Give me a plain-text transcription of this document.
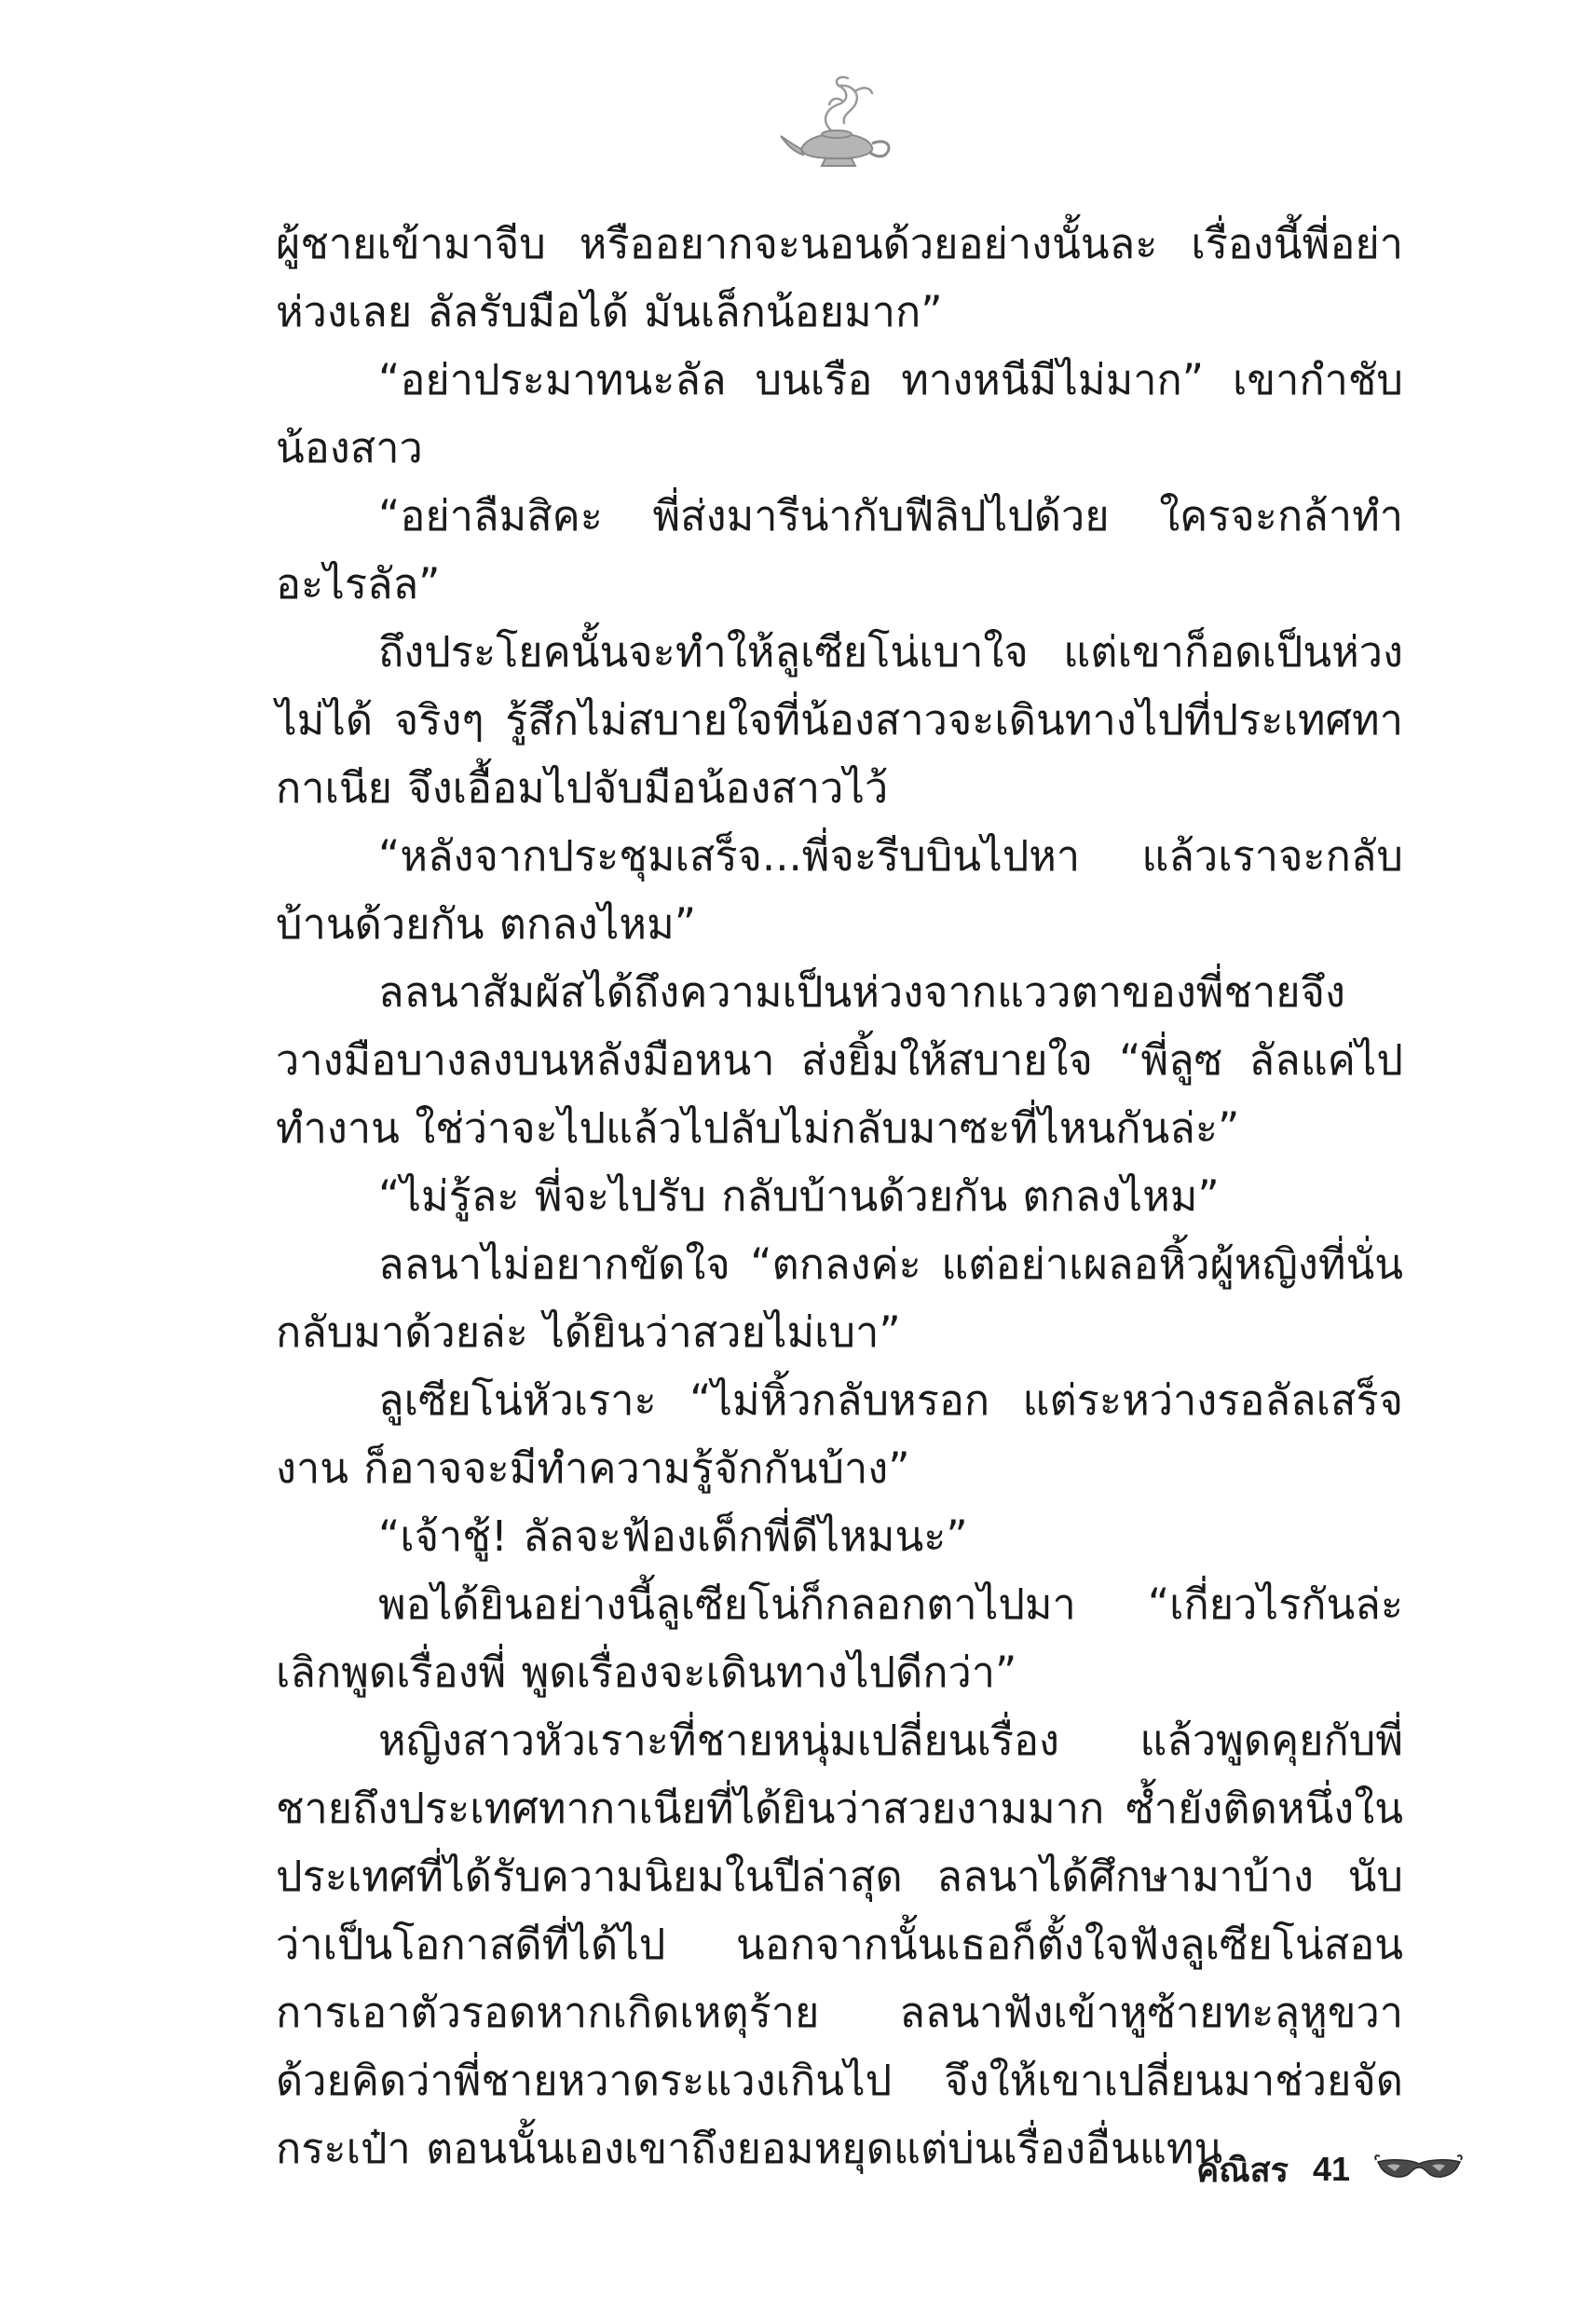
ผู้ชายเข้ามาจีบ หรืออยากจะนอนด้วยอย่างนั้นละ เรื่องนี้พี่อย่าห่วงเลย ลัลรับมือได้ มันเล็กน้อยมาก”

“อย่าประมาทนะลัล บนเรือ ทางหนีมีไม่มาก” เขากำชับน้องสาว

“อย่าลืมสิคะ พี่ส่งมารีน่ากับฟีลิปไปด้วย ใครจะกล้าทำอะไรลัล”

ถึงประโยคนั้นจะทำให้ลูเซียโน่เบาใจ แต่เขาก็อดเป็นห่วงไม่ได้ จริงๆ รู้สึกไม่สบายใจที่น้องสาวจะเดินทางไปที่ประเทศทากาเนีย จึงเอื้อมไปจับมือน้องสาวไว้

“หลังจากประชุมเสร็จ...พี่จะรีบบินไปหา แล้วเราจะกลับบ้านด้วยกัน ตกลงไหม”

ลลนาสัมผัสได้ถึงความเป็นห่วงจากแววตาของพี่ชายจึงวางมือบางลงบนหลังมือหนา ส่งยิ้มให้สบายใจ “พี่ลูซ ลัลแค่ไปทำงาน ใช่ว่าจะไปแล้วไปลับไม่กลับมาซะที่ไหนกันล่ะ”

“ไม่รู้ละ พี่จะไปรับ กลับบ้านด้วยกัน ตกลงไหม”

ลลนาไม่อยากขัดใจ “ตกลงค่ะ แต่อย่าเผลอหิ้วผู้หญิงที่นั่นกลับมาด้วยล่ะ ได้ยินว่าสวยไม่เบา”

ลูเซียโน่หัวเราะ “ไม่หิ้วกลับหรอก แต่ระหว่างรอลัลเสร็จงาน ก็อาจจะมีทำความรู้จักกันบ้าง”

“เจ้าชู้! ลัลจะฟ้องเด็กพี่ดีไหมนะ”

พอได้ยินอย่างนี้ลูเซียโน่ก็กลอกตาไปมา “เกี่ยวไรกันล่ะ เลิกพูดเรื่องพี่ พูดเรื่องจะเดินทางไปดีกว่า”

หญิงสาวหัวเราะที่ชายหนุ่มเปลี่ยนเรื่อง แล้วพูดคุยกับพี่ชายถึงประเทศทากาเนียที่ได้ยินว่าสวยงามมาก ซ้ำยังติดหนึ่งในประเทศที่ได้รับความนิยมในปีล่าสุด ลลนาได้ศึกษามาบ้าง นับว่าเป็นโอกาสดีที่ได้ไป นอกจากนั้นเธอก็ตั้งใจฟังลูเซียโน่สอนการเอาตัวรอดหากเกิดเหตุร้าย ลลนาฟังเข้าหูซ้ายทะลุหูขวาด้วยคิดว่าพี่ชายหวาดระแวงเกินไป จึงให้เขาเปลี่ยนมาช่วยจัดกระเป๋า ตอนนั้นเองเขาถึงยอมหยุดแต่บ่นเรื่องอื่นแทน

คณิสร 41
